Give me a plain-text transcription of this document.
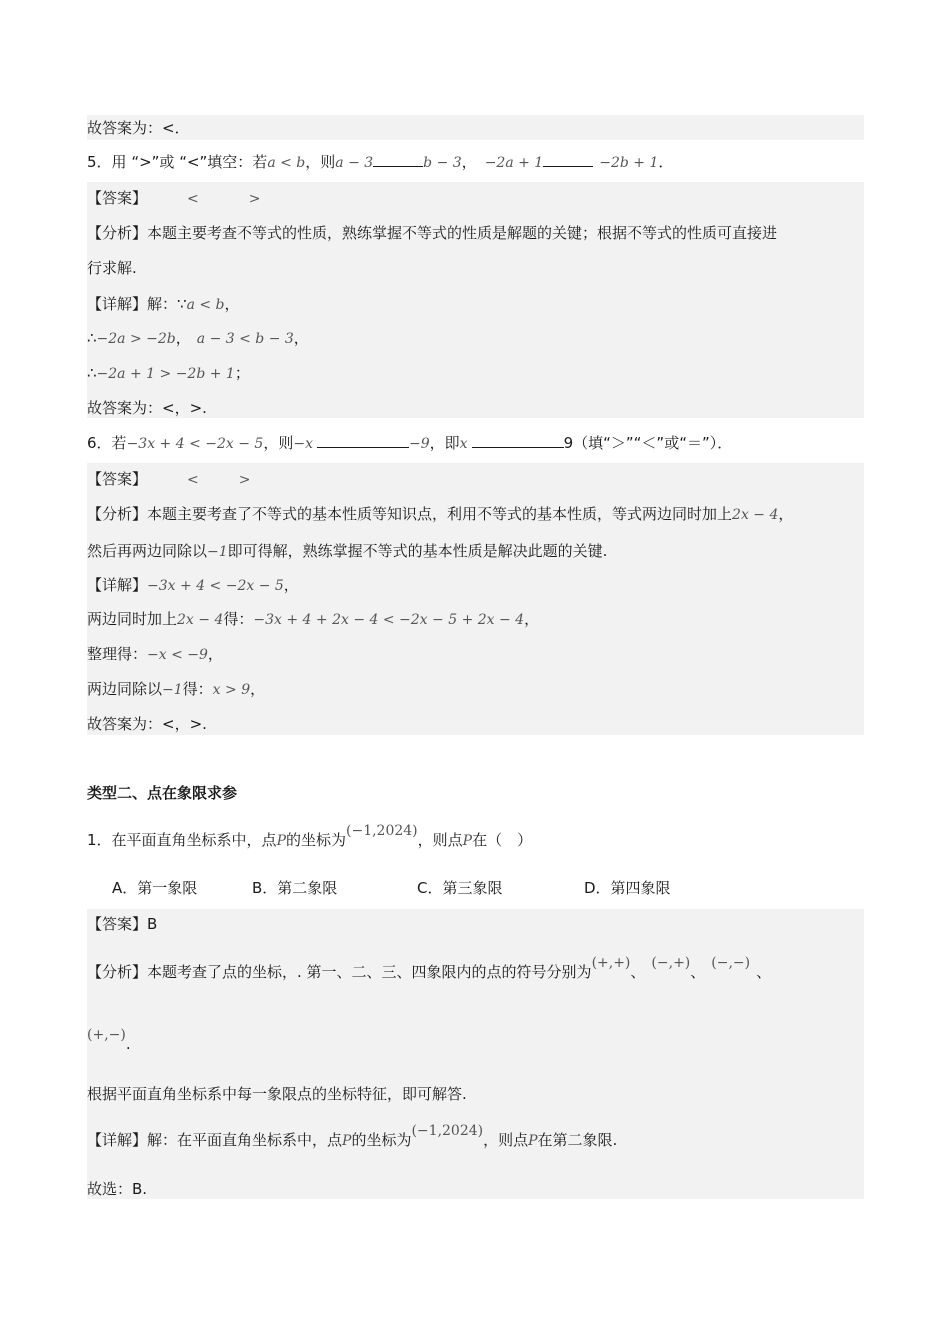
故答案为：<．
5．用 “>”或 “<”填空：若a < b，则a − 3	b − 3， −2a + 1	−2b + 1．
【答案】	<	>
【分析】本题主要考查不等式的性质，熟练掌握不等式的性质是解题的关键；根据不等式的性质可直接进
行求解.
【详解】解：∵a < b，
∴−2a > −2b， a − 3 < b − 3，
∴−2a + 1 > −2b + 1；
故答案为：<，>.
6．若−3x + 4 < −2x − 5，则−x	−9，即x	9（填“＞”“＜”或“＝”）．
【答案】	<	>
【分析】本题主要考查了不等式的基本性质等知识点，利用不等式的基本性质，等式两边同时加上2x − 4，
然后再两边同除以−1即可得解，熟练掌握不等式的基本性质是解决此题的关键.
【详解】−3x + 4 < −2x − 5，
两边同时加上2x − 4得：−3x + 4 + 2x − 4 < −2x − 5 + 2x − 4，
整理得：−x < −9，
两边同除以−1得：x > 9，
故答案为：<，>.
类型二、点在象限求参
1．在平面直角坐标系中，点P的坐标为(−1,2024)，则点P在（　）
A．第一象限	B．第二象限	C．第三象限	D．第四象限
【答案】B
【分析】本题考查了点的坐标，. 第一、二、三、四象限内的点的符号分别为(+,+)、 (−,+)、 (−,−) 、
(+,−).
根据平面直角坐标系中每一象限点的坐标特征，即可解答.
【详解】解：在平面直角坐标系中，点P的坐标为(−1,2024)，则点P在第二象限.
故选：B.
